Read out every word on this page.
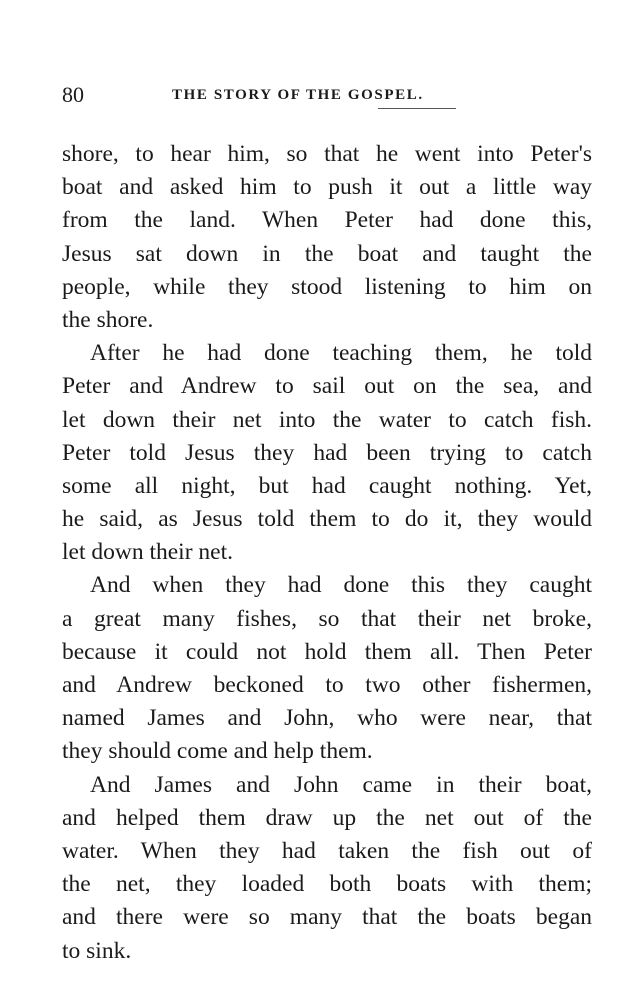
80	THE STORY OF THE GOSPEL.
shore, to hear him, so that he went into Peter's
boat and asked him to push it out a little way
from the land. When Peter had done this,
Jesus sat down in the boat and taught the
people, while they stood listening to him on
the shore.
After he had done teaching them, he told
Peter and Andrew to sail out on the sea, and
let down their net into the water to catch fish.
Peter told Jesus they had been trying to catch
some all night, but had caught nothing. Yet,
he said, as Jesus told them to do it, they would
let down their net.
And when they had done this they caught
a great many fishes, so that their net broke,
because it could not hold them all. Then Peter
and Andrew beckoned to two other fishermen,
named James and John, who were near, that
they should come and help them.
And James and John came in their boat,
and helped them draw up the net out of the
water. When they had taken the fish out of
the net, they loaded both boats with them;
and there were so many that the boats began
to sink.
